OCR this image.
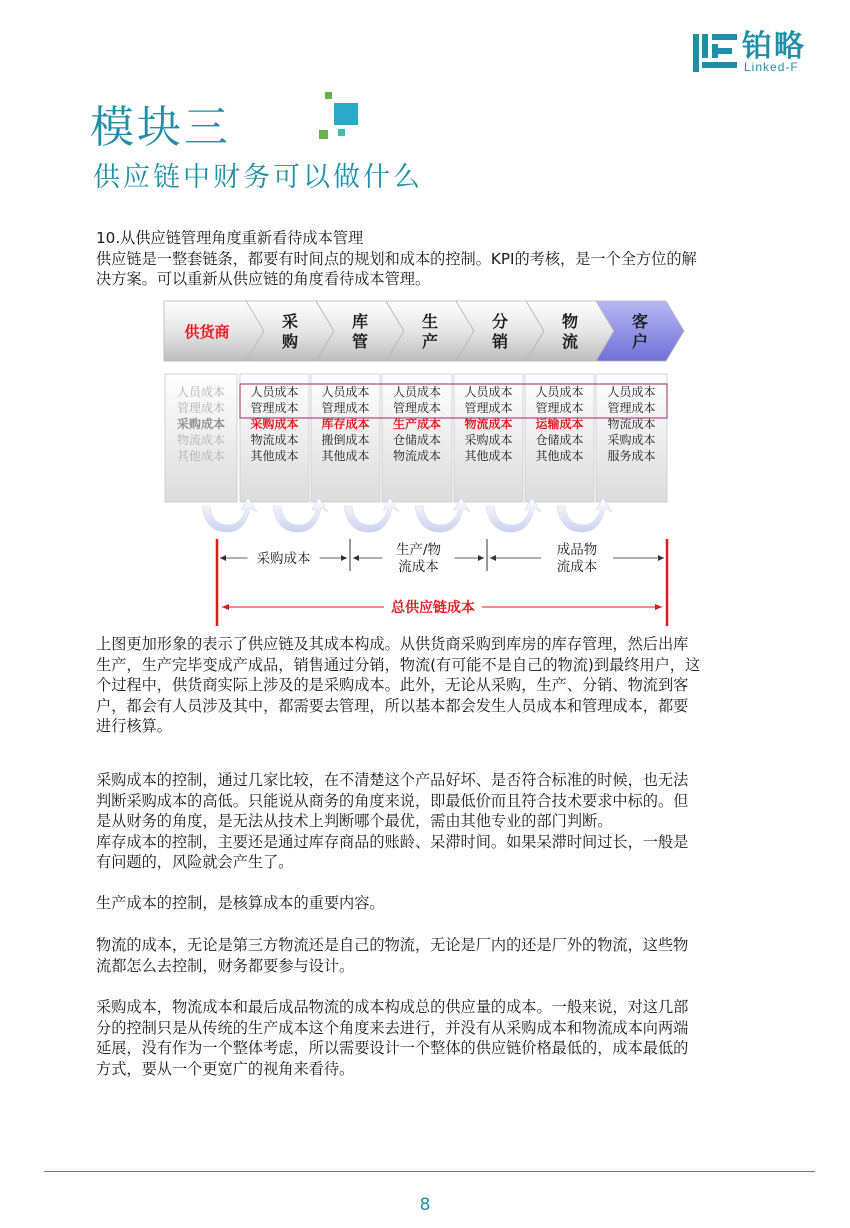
铂略
Linked-F
模块三
供应链中财务可以做什么

10.从供应链管理角度重新看待成本管理

供应链是一整套链条，都要有时间点的规划和成本的控制。KPI的考核，是一个全方位的解

决方案。可以重新从供应链的角度看待成本管理。

供货商
采
购
库
管
生
产
分
销
物
流
客
户
人员成本
管理成本
采购成本
物流成本
其他成本
人员成本
管理成本
采购成本
物流成本
其他成本
人员成本
管理成本
库存成本
搬倒成本
其他成本
人员成本
管理成本
生产成本
仓储成本
物流成本
人员成本
管理成本
物流成本
采购成本
其他成本
人员成本
管理成本
运输成本
仓储成本
其他成本
人员成本
管理成本
物流成本
采购成本
服务成本
采购成本
生产/物
流成本
成品物
流成本
总供应链成本

上图更加形象的表示了供应链及其成本构成。从供货商采购到库房的库存管理，然后出库

生产，生产完毕变成产成品，销售通过分销，物流(有可能不是自己的物流)到最终用户，这

个过程中，供货商实际上涉及的是采购成本。此外，无论从采购，生产、分销、物流到客

户，都会有人员涉及其中，都需要去管理，所以基本都会发生人员成本和管理成本，都要

进行核算。

采购成本的控制，通过几家比较，在不清楚这个产品好坏、是否符合标准的时候，也无法

判断采购成本的高低。只能说从商务的角度来说，即最低价而且符合技术要求中标的。但

是从财务的角度，是无法从技术上判断哪个最优，需由其他专业的部门判断。

库存成本的控制，主要还是通过库存商品的账龄、呆滞时间。如果呆滞时间过长，一般是

有问题的，风险就会产生了。

生产成本的控制，是核算成本的重要内容。

物流的成本，无论是第三方物流还是自己的物流，无论是厂内的还是厂外的物流，这些物

流都怎么去控制，财务都要参与设计。

采购成本，物流成本和最后成品物流的成本构成总的供应量的成本。一般来说，对这几部

分的控制只是从传统的生产成本这个角度来去进行，并没有从采购成本和物流成本向两端

延展，没有作为一个整体考虑，所以需要设计一个整体的供应链价格最低的，成本最低的

方式，要从一个更宽广的视角来看待。

8
